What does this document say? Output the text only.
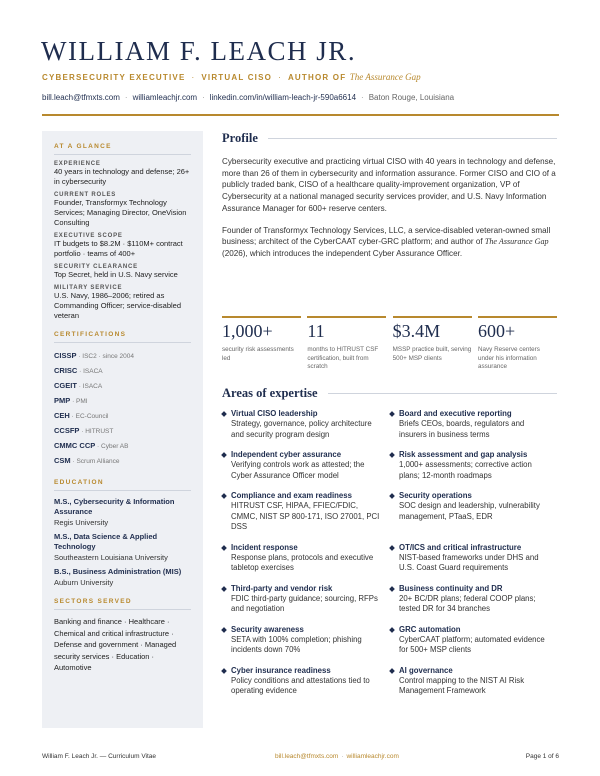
WILLIAM F. LEACH JR.
CYBERSECURITY EXECUTIVE · VIRTUAL CISO · AUTHOR OF The Assurance Gap
bill.leach@tfmxts.com · williamleachjr.com · linkedin.com/in/william-leach-jr-590a6614 · Baton Rouge, Louisiana
AT A GLANCE
EXPERIENCE
40 years in technology and defense; 26+ in cybersecurity
CURRENT ROLES
Founder, Transformyx Technology Services; Managing Director, OneVision Consulting
EXECUTIVE SCOPE
IT budgets to $8.2M · $110M+ contract portfolio · teams of 400+
SECURITY CLEARANCE
Top Secret, held in U.S. Navy service
MILITARY SERVICE
U.S. Navy, 1986–2006; retired as Commanding Officer; service-disabled veteran
CERTIFICATIONS
CISSP · ISC2 · since 2004
CRISC · ISACA
CGEIT · ISACA
PMP · PMI
CEH · EC-Council
CCSFP · HITRUST
CMMC CCP · Cyber AB
CSM · Scrum Alliance
EDUCATION
M.S., Cybersecurity & Information Assurance
Regis University
M.S., Data Science & Applied Technology
Southeastern Louisiana University
B.S., Business Administration (MIS)
Auburn University
SECTORS SERVED
Banking and finance · Healthcare · Chemical and critical infrastructure · Defense and government · Managed security services · Education · Automotive
Profile

Cybersecurity executive and practicing virtual CISO with 40 years in technology and defense, more than 26 of them in cybersecurity and information assurance. Former CISO and CIO of a publicly traded bank, CISO of a healthcare quality-improvement organization, VP of Cybersecurity at a national managed security services provider, and U.S. Navy Information Assurance Manager for 600+ reserve centers.

Founder of Transformyx Technology Services, LLC, a service-disabled veteran-owned small business; architect of the CyberCAAT cyber-GRC platform; and author of The Assurance Gap (2026), which introduces the independent Cyber Assurance Officer.

1,000+
security risk assessments led
11
months to HITRUST CSF certification, built from scratch
$3.4M
MSSP practice built, serving 500+ MSP clients
600+
Navy Reserve centers under his information assurance
Areas of expertise
Virtual CISO leadership
Strategy, governance, policy architecture and security program design
Board and executive reporting
Briefs CEOs, boards, regulators and insurers in business terms
Independent cyber assurance
Verifying controls work as attested; the Cyber Assurance Officer model
Risk assessment and gap analysis
1,000+ assessments; corrective action plans; 12-month roadmaps
Compliance and exam readiness
HITRUST CSF, HIPAA, FFIEC/FDIC, CMMC, NIST SP 800-171, ISO 27001, PCI DSS
Security operations
SOC design and leadership, vulnerability management, PTaaS, EDR
Incident response
Response plans, protocols and executive tabletop exercises
OT/ICS and critical infrastructure
NIST-based frameworks under DHS and U.S. Coast Guard requirements
Third-party and vendor risk
FDIC third-party guidance; sourcing, RFPs and negotiation
Business continuity and DR
20+ BC/DR plans; federal COOP plans; tested DR for 34 branches
Security awareness
SETA with 100% completion; phishing incidents down 70%
GRC automation
CyberCAAT platform; automated evidence for 500+ MSP clients
Cyber insurance readiness
Policy conditions and attestations tied to operating evidence
AI governance
Control mapping to the NIST AI Risk Management Framework
William F. Leach Jr. — Curriculum Vitae	bill.leach@tfmxts.com · williamleachjr.com	Page 1 of 6
